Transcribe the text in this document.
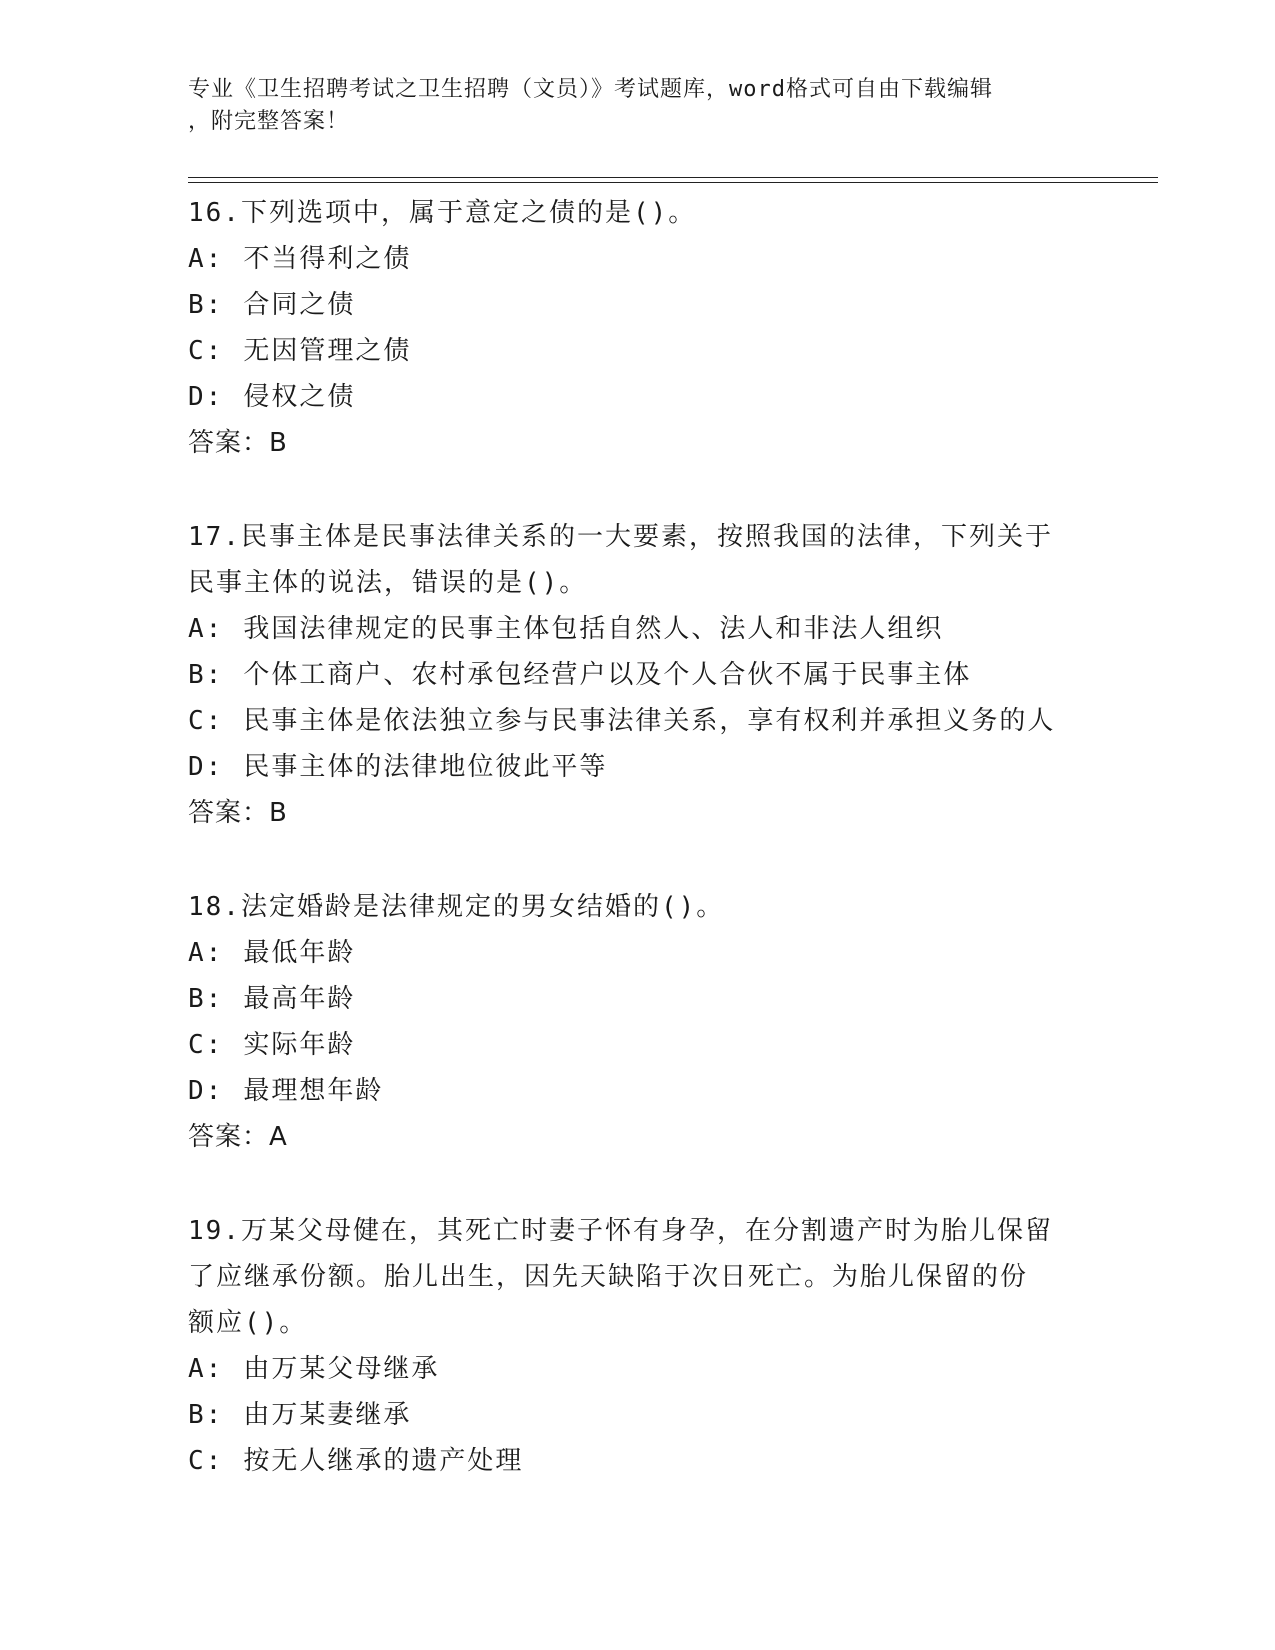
专业《卫生招聘考试之卫生招聘（文员）》考试题库，word格式可自由下载编辑
，附完整答案！
16.下列选项中，属于意定之债的是()。
A: 不当得利之债
B: 合同之债
C: 无因管理之债
D: 侵权之债
答案：B
17.民事主体是民事法律关系的一大要素，按照我国的法律，下列关于
民事主体的说法，错误的是()。
A: 我国法律规定的民事主体包括自然人、法人和非法人组织
B: 个体工商户、农村承包经营户以及个人合伙不属于民事主体
C: 民事主体是依法独立参与民事法律关系，享有权利并承担义务的人
D: 民事主体的法律地位彼此平等
答案：B
18.法定婚龄是法律规定的男女结婚的()。
A: 最低年龄
B: 最高年龄
C: 实际年龄
D: 最理想年龄
答案：A
19.万某父母健在，其死亡时妻子怀有身孕，在分割遗产时为胎儿保留
了应继承份额。胎儿出生，因先天缺陷于次日死亡。为胎儿保留的份
额应()。
A: 由万某父母继承
B: 由万某妻继承
C: 按无人继承的遗产处理
